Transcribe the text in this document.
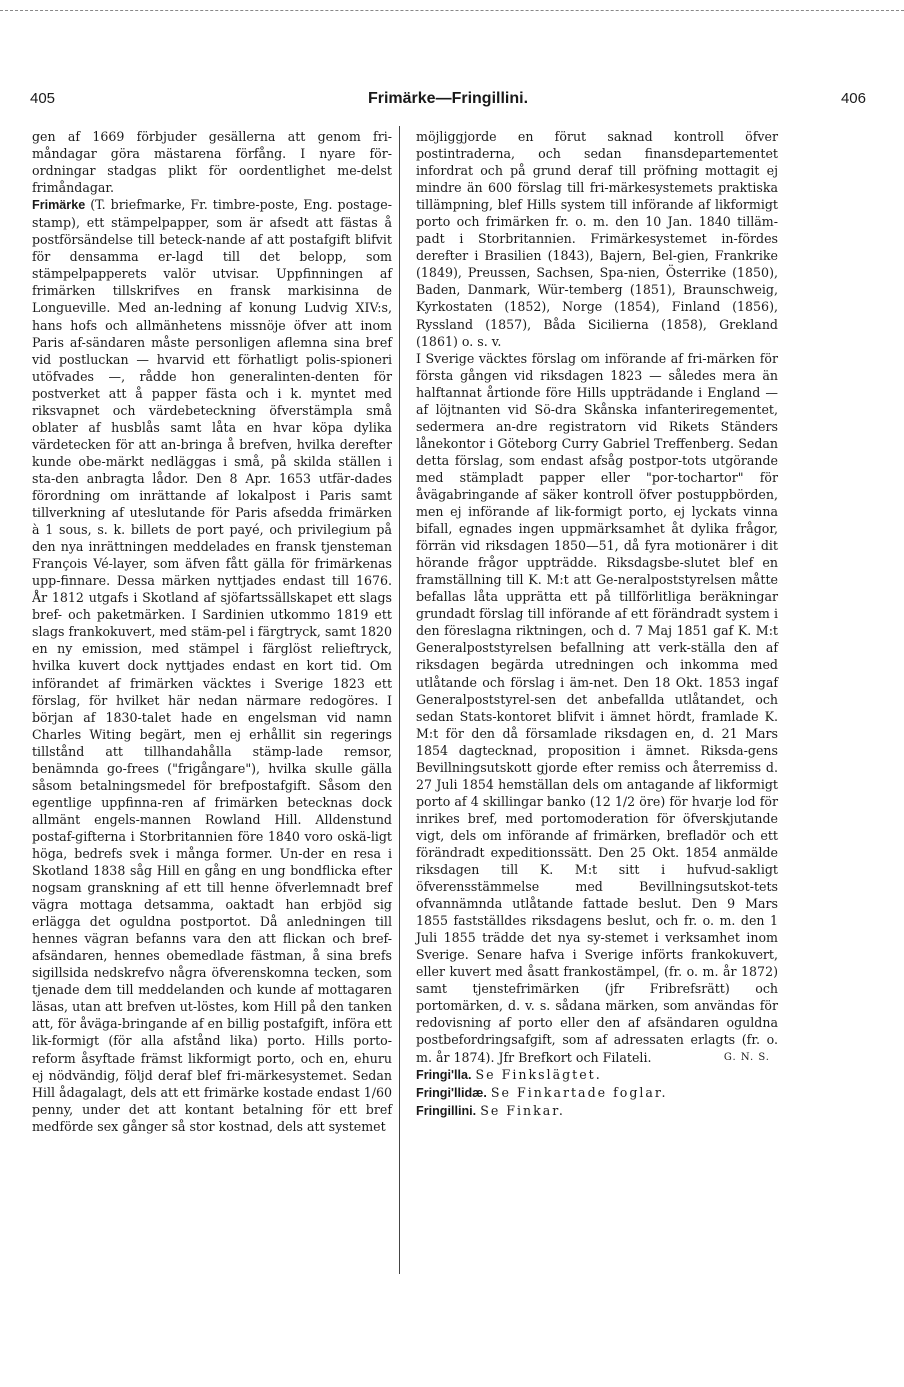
405	Frimärke—Fringillini.	406

gen af 1669 förbjuder gesällerna att genom fri-måndagar göra mästarena förfång. I nyare för-ordningar stadgas plikt för oordentlighet me-delst frimåndagar.

Frimärke (T. briefmarke, Fr. timbre-poste, Eng. postage-stamp), ett stämpelpapper, som är afsedt att fästas å postförsändelse till beteck-nande af att postafgift blifvit för densamma er-lagd till det belopp, som stämpelpapperets valör utvisar. Uppfinningen af frimärken tillskrifves en fransk markisinna de Longueville. Med an-ledning af konung Ludvig XIV:s, hans hofs och allmänhetens missnöje öfver att inom Paris af-sändaren måste personligen aflemna sina bref vid postluckan — hvarvid ett förhatligt polis-spioneri utöfvades —, rådde hon generalinten-denten för postverket att å papper fästa och i k. myntet med riksvapnet och värdebeteckning öfverstämpla små oblater af husblås samt låta en hvar köpa dylika värdetecken för att an-bringa å brefven, hvilka derefter kunde obe-märkt nedläggas i små, på skilda ställen i sta-den anbragta lådor. Den 8 Apr. 1653 utfär-dades förordning om inrättande af lokalpost i Paris samt tillverkning af uteslutande för Paris afsedda frimärken à 1 sous, s. k. billets de port payé, och privilegium på den nya inrättningen meddelades en fransk tjensteman François Vé-layer, som äfven fått gälla för frimärkenas upp-finnare. Dessa märken nyttjades endast till 1676. År 1812 utgafs i Skotland af sjöfartssällskapet ett slags bref- och paketmärken. I Sardinien utkommo 1819 ett slags frankokuvert, med stäm-pel i färgtryck, samt 1820 en ny emission, med stämpel i färglöst relieftryck, hvilka kuvert dock nyttjades endast en kort tid. Om införandet af frimärken väcktes i Sverige 1823 ett förslag, för hvilket här nedan närmare redogöres. I början af 1830-talet hade en engelsman vid namn Charles Witing begärt, men ej erhållit sin regerings tillstånd att tillhandahålla stämp-lade remsor, benämnda go-frees ("frigångare"), hvilka skulle gälla såsom betalningsmedel för brefpostafgift. Såsom den egentlige uppfinna-ren af frimärken betecknas dock allmänt engels-mannen Rowland Hill. Alldenstund postaf-gifterna i Storbritannien före 1840 voro oskä-ligt höga, bedrefs svek i många former. Un-der en resa i Skotland 1838 såg Hill en gång en ung bondflicka efter nogsam granskning af ett till henne öfverlemnadt bref vägra mottaga detsamma, oaktadt han erbjöd sig erlägga det oguldna postportot. Då anledningen till hennes vägran befanns vara den att flickan och bref-afsändaren, hennes obemedlade fästman, å sina brefs sigillsida nedskrefvo några öfverenskomna tecken, som tjenade dem till meddelanden och kunde af mottagaren läsas, utan att brefven ut-löstes, kom Hill på den tanken att, för åväga-bringande af en billig postafgift, införa ett lik-formigt (för alla afstånd lika) porto. Hills porto-reform åsyftade främst likformigt porto, och en, ehuru ej nödvändig, följd deraf blef fri-märkesystemet. Sedan Hill ådagalagt, dels att ett frimärke kostade endast 1/60 penny, under det att kontant betalning för ett bref medförde sex gånger så stor kostnad, dels att systemet

möjliggjorde en förut saknad kontroll öfver postintraderna, och sedan finansdepartementet infordrat och på grund deraf till pröfning mottagit ej mindre än 600 förslag till fri-märkesystemets praktiska tillämpning, blef Hills system till införande af likformigt porto och frimärken fr. o. m. den 10 Jan. 1840 tilläm-padt i Storbritannien. Frimärkesystemet in-fördes derefter i Brasilien (1843), Bajern, Bel-gien, Frankrike (1849), Preussen, Sachsen, Spa-nien, Österrike (1850), Baden, Danmark, Wür-temberg (1851), Braunschweig, Kyrkostaten (1852), Norge (1854), Finland (1856), Ryssland (1857), Båda Sicilierna (1858), Grekland (1861) o. s. v.

I Sverige väcktes förslag om införande af fri-märken för första gången vid riksdagen 1823 — således mera än halftannat årtionde före Hills uppträdande i England — af löjtnanten vid Sö-dra Skånska infanteriregementet, sedermera an-dre registratorn vid Rikets Ständers lånekontor i Göteborg Curry Gabriel Treffenberg. Sedan detta förslag, som endast afsåg postpor-tots utgörande med stämpladt papper eller "por-tochartor" för åvägabringande af säker kontroll öfver postuppbörden, men ej införande af lik-formigt porto, ej lyckats vinna bifall, egnades ingen uppmärksamhet åt dylika frågor, förrän vid riksdagen 1850—51, då fyra motionärer i dit hörande frågor uppträdde. Riksdagsbe-slutet blef en framställning till K. M:t att Ge-neralpoststyrelsen måtte befallas låta upprätta ett på tillförlitliga beräkningar grundadt förslag till införande af ett förändradt system i den föreslagna riktningen, och d. 7 Maj 1851 gaf K. M:t Generalpoststyrelsen befallning att verk-ställa den af riksdagen begärda utredningen och inkomma med utlåtande och förslag i äm-net. Den 18 Okt. 1853 ingaf Generalpoststyrel-sen det anbefallda utlåtandet, och sedan Stats-kontoret blifvit i ämnet hördt, framlade K. M:t för den då församlade riksdagen en, d. 21 Mars 1854 dagtecknad, proposition i ämnet. Riksda-gens Bevillningsutskott gjorde efter remiss och återremiss d. 27 Juli 1854 hemställan dels om antagande af likformigt porto af 4 skillingar banko (12 1/2 öre) för hvarje lod för inrikes bref, med portomoderation för öfverskjutande vigt, dels om införande af frimärken, brefladör och ett förändradt expeditionssätt. Den 25 Okt. 1854 anmälde riksdagen till K. M:t sitt i hufvud-sakligt öfverensstämmelse med Bevillningsutskot-tets ofvannämnda utlåtande fattade beslut. Den 9 Mars 1855 fastställdes riksdagens beslut, och fr. o. m. den 1 Juli 1855 trädde det nya sy-stemet i verksamhet inom Sverige. Senare hafva i Sverige införts frankokuvert, eller kuvert med åsatt frankostämpel, (fr. o. m. år 1872) samt tjenstefrimärken (jfr Fribrefsrätt) och portomärken, d. v. s. sådana märken, som användas för redovisning af porto eller den af afsändaren oguldna postbefordringsafgift, som af adressaten erlagts (fr. o. m. år 1874). Jfr Brefkort och Filateli.	G. N. S.

Fringi'lla. Se Finkslägtet.

Fringi'llidæ. Se Finkartade foglar.

Fringillini. Se Finkar.
